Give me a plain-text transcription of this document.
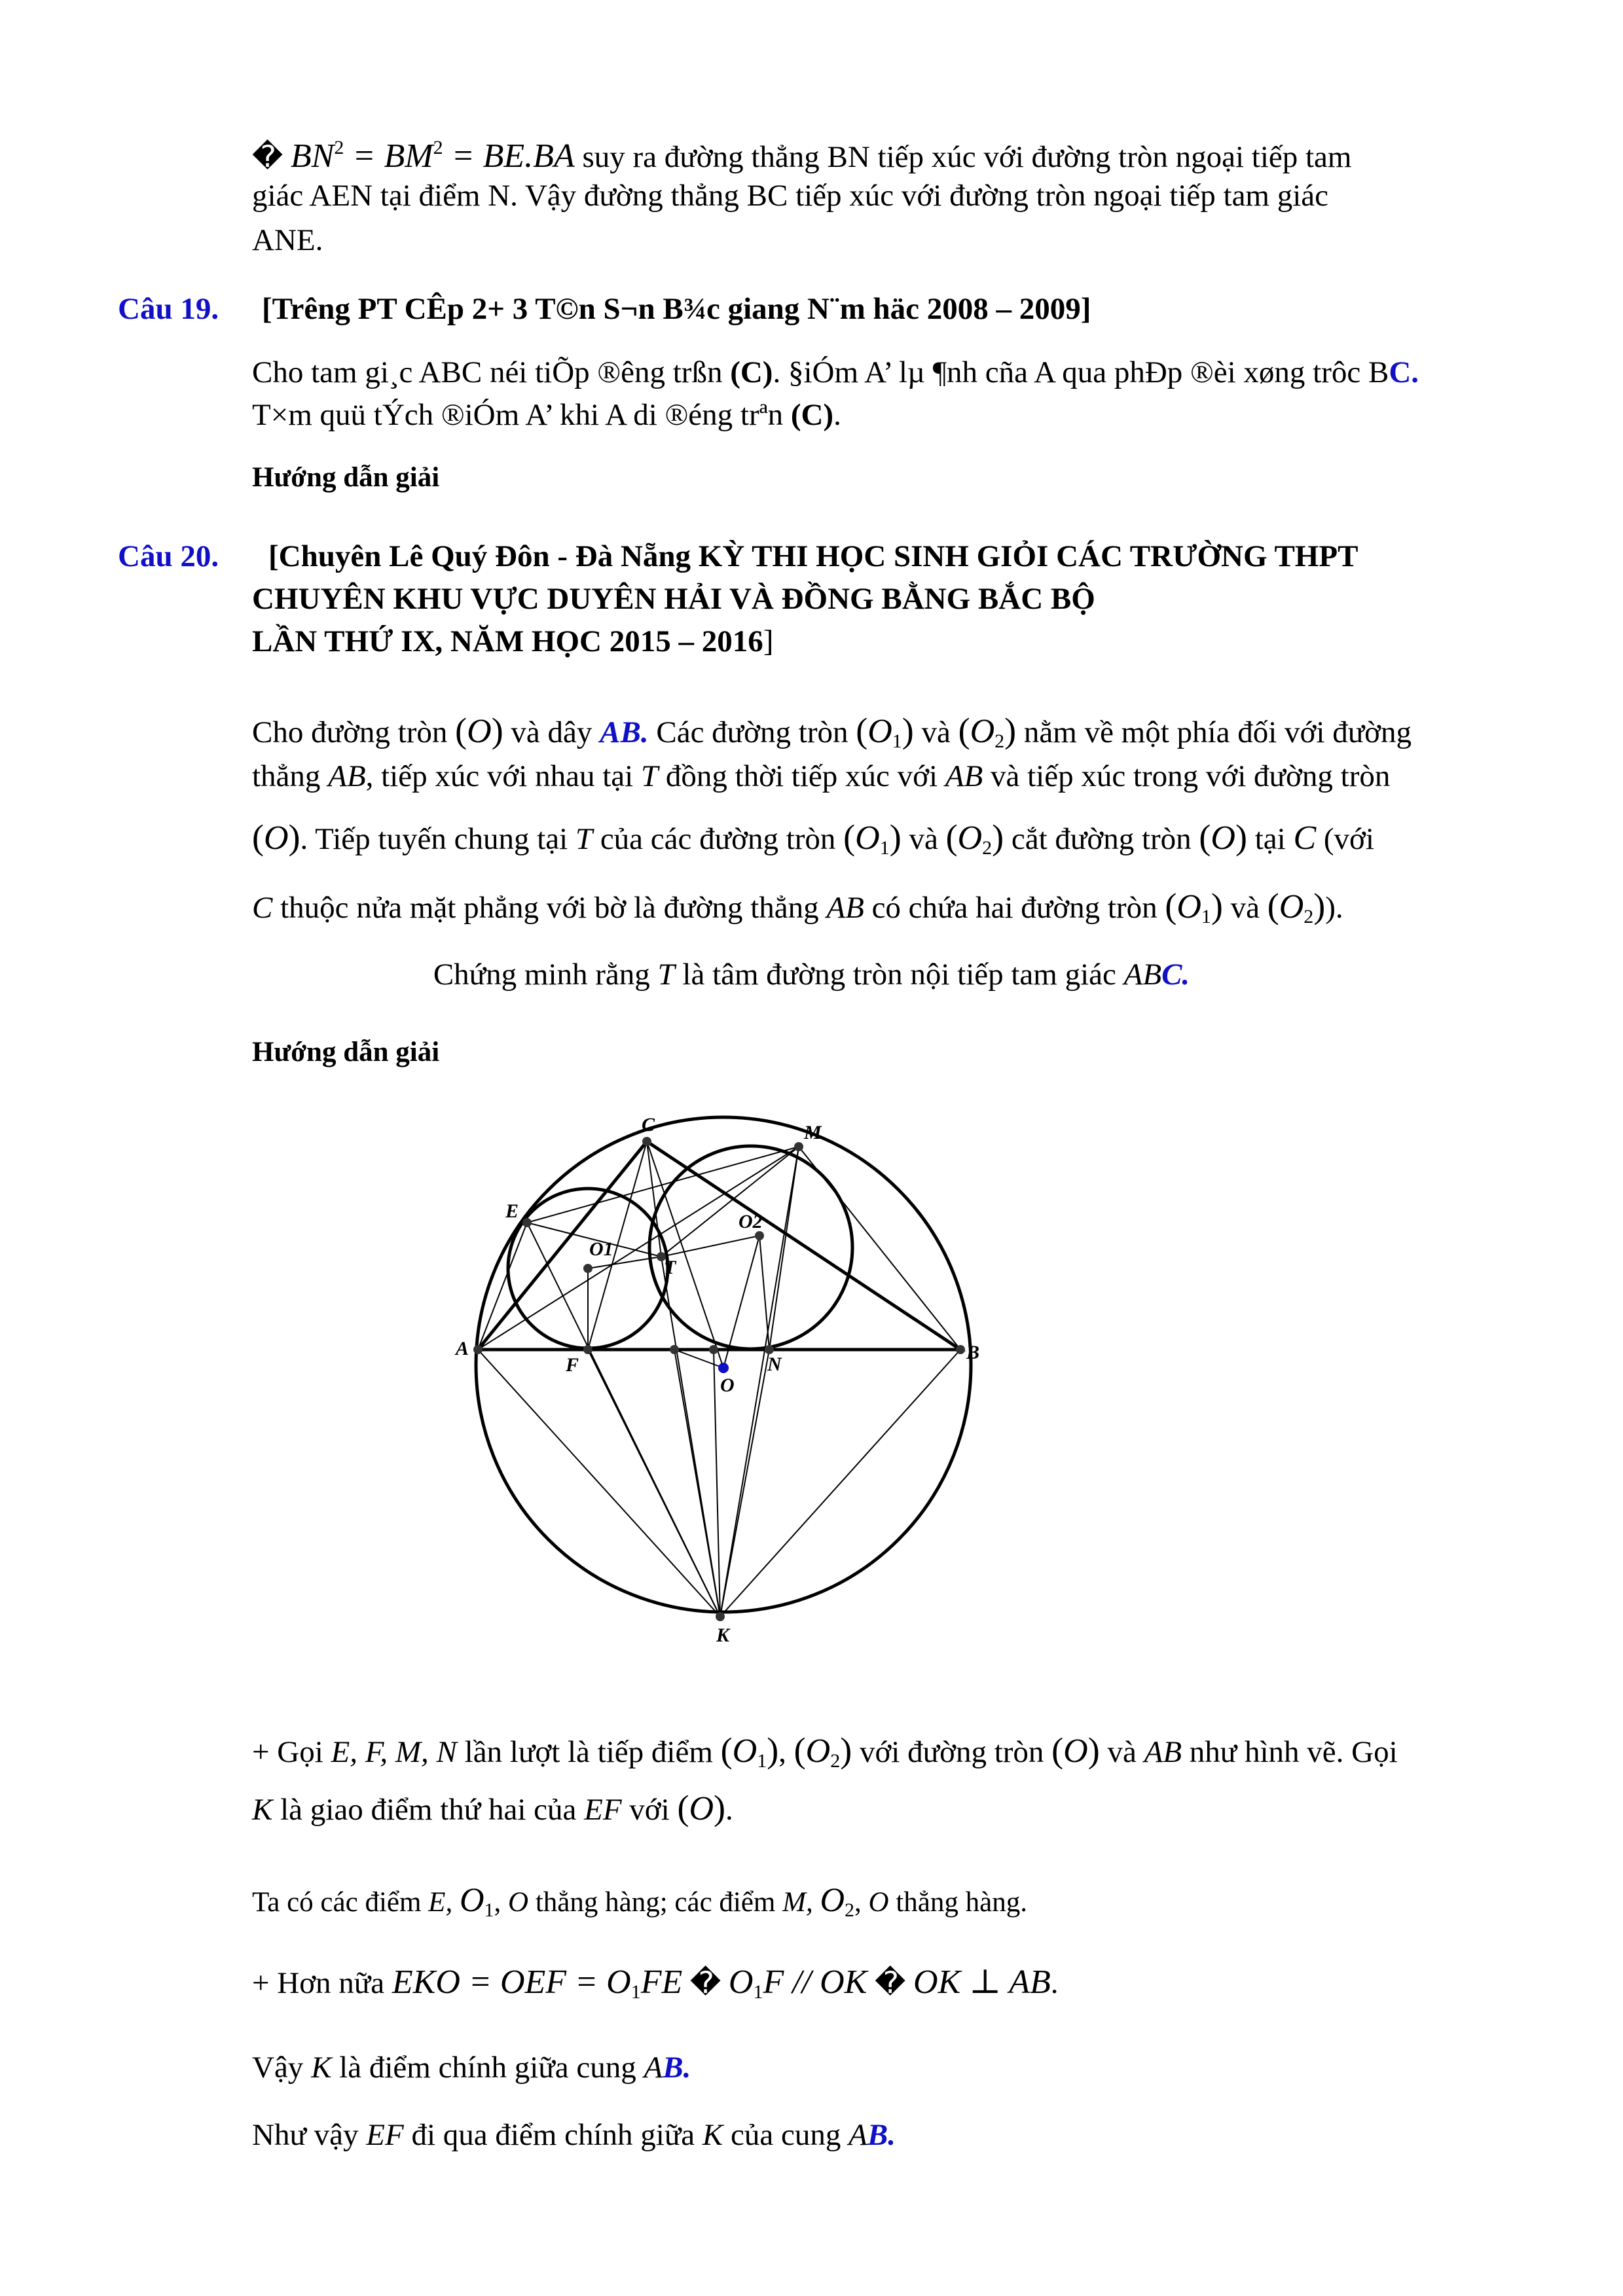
� $BN^2 = BM^2 = BE.BA$ suy ra đường thẳng BN tiếp xúc với đường tròn ngoại tiếp tam
giác AEN tại điểm N. Vậy đường thẳng BC tiếp xúc với đường tròn ngoại tiếp tam giác
ANE.
Câu 19. [Trêng PT CÊp 2+ 3 T©n S¬n B¾c giang N¨m häc 2008 – 2009]
Cho tam gi¸c ABC néi tiÕp ®êng trßn (C). §iÓm A’ lµ ¶nh cña A qua phÐp ®èi xøng trôc BC.
T×m quü tÝch ®iÓm A’ khi A di ®éng trªn (C).
Hướng dẫn giải
Câu 20. [Chuyên Lê Quý Đôn - Đà Nẵng KỲ THI HỌC SINH GIỎI CÁC TRƯỜNG THPT
CHUYÊN KHU VỰC DUYÊN HẢI VÀ ĐỒNG BẰNG BẮC BỘ
LẦN THỨ IX, NĂM HỌC 2015 – 2016]
Cho đường tròn (O) và dây AB. Các đường tròn $(O_1)$ và $(O_2)$ nằm về một phía đối với đường
thẳng AB, tiếp xúc với nhau tại T đồng thời tiếp xúc với AB và tiếp xúc trong với đường tròn
(O). Tiếp tuyến chung tại T của các đường tròn $(O_1)$ và $(O_2)$ cắt đường tròn (O) tại C (với
C thuộc nửa mặt phẳng với bờ là đường thẳng AB có chứa hai đường tròn $(O_1)$ và $(O_2)$).
Chứng minh rằng T là tâm đường tròn nội tiếp tam giác ABC.
Hướng dẫn giải
C	M
E
O1
O2
T
A
F	N
B
O
K
+ Gọi E, F, M, N lần lượt là tiếp điểm $(O_1)$, $(O_2)$ với đường tròn (O) và AB như hình vẽ. Gọi
K là giao điểm thứ hai của EF với (O).
Ta có các điểm E, $O_1$, O thẳng hàng; các điểm M, $O_2$, O thẳng hàng.
+ Hơn nữa EKO = OEF = $O_1FE$ � $O_1F$ // OK � OK ⊥ AB.
Vậy K là điểm chính giữa cung AB.
Như vậy EF đi qua điểm chính giữa K của cung AB.
